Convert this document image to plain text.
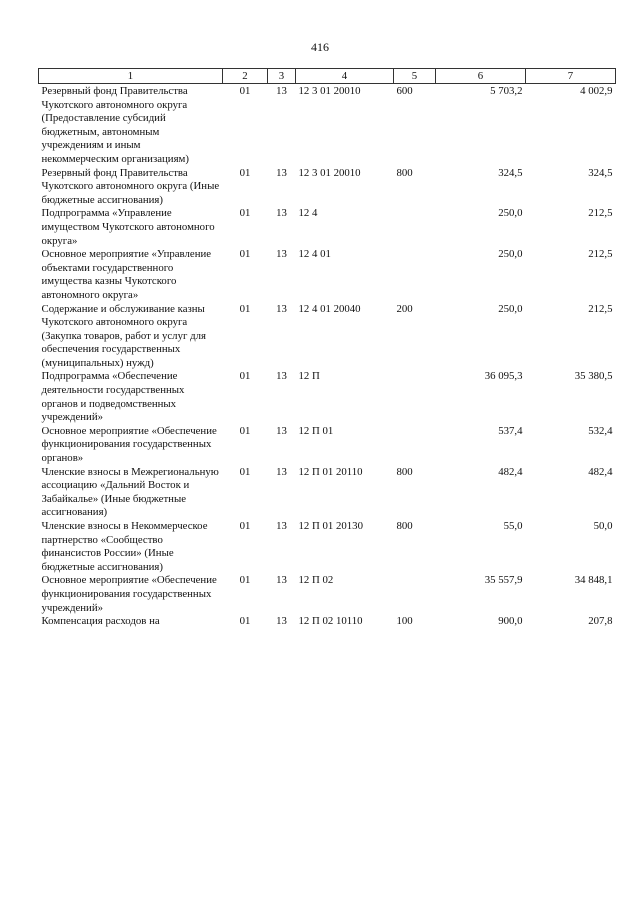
416
1	2	3	4	5	6	7
Резервный фонд Правительства Чукотского автономного округа (Предоставление субсидий бюджетным, автономным учреждениям и иным некоммерческим организациям)	01	13	12 3 01 20010	600	5 703,2	4 002,9
Резервный фонд Правительства Чукотского автономного округа (Иные бюджетные ассигнования)	01	13	12 3 01 20010	800	324,5	324,5
Подпрограмма «Управление имуществом Чукотского автономного округа»	01	13	12 4		250,0	212,5
Основное мероприятие «Управление объектами государственного имущества казны Чукотского автономного округа»	01	13	12 4 01		250,0	212,5
Содержание и обслуживание казны Чукотского автономного округа (Закупка товаров, работ и услуг для обеспечения государственных (муниципальных) нужд)	01	13	12 4 01 20040	200	250,0	212,5
Подпрограмма «Обеспечение деятельности государственных органов и подведомственных учреждений»	01	13	12 П		36 095,3	35 380,5
Основное мероприятие «Обеспечение функционирования государственных органов»	01	13	12 П 01		537,4	532,4
Членские взносы в Межрегиональную ассоциацию «Дальний Восток и Забайкалье» (Иные бюджетные ассигнования)	01	13	12 П 01 20110	800	482,4	482,4
Членские взносы в Некоммерческое партнерство «Сообщество финансистов России» (Иные бюджетные ассигнования)	01	13	12 П 01 20130	800	55,0	50,0
Основное мероприятие «Обеспечение функционирования государственных учреждений»	01	13	12 П 02		35 557,9	34 848,1
Компенсация расходов на	01	13	12 П 02 10110	100	900,0	207,8
